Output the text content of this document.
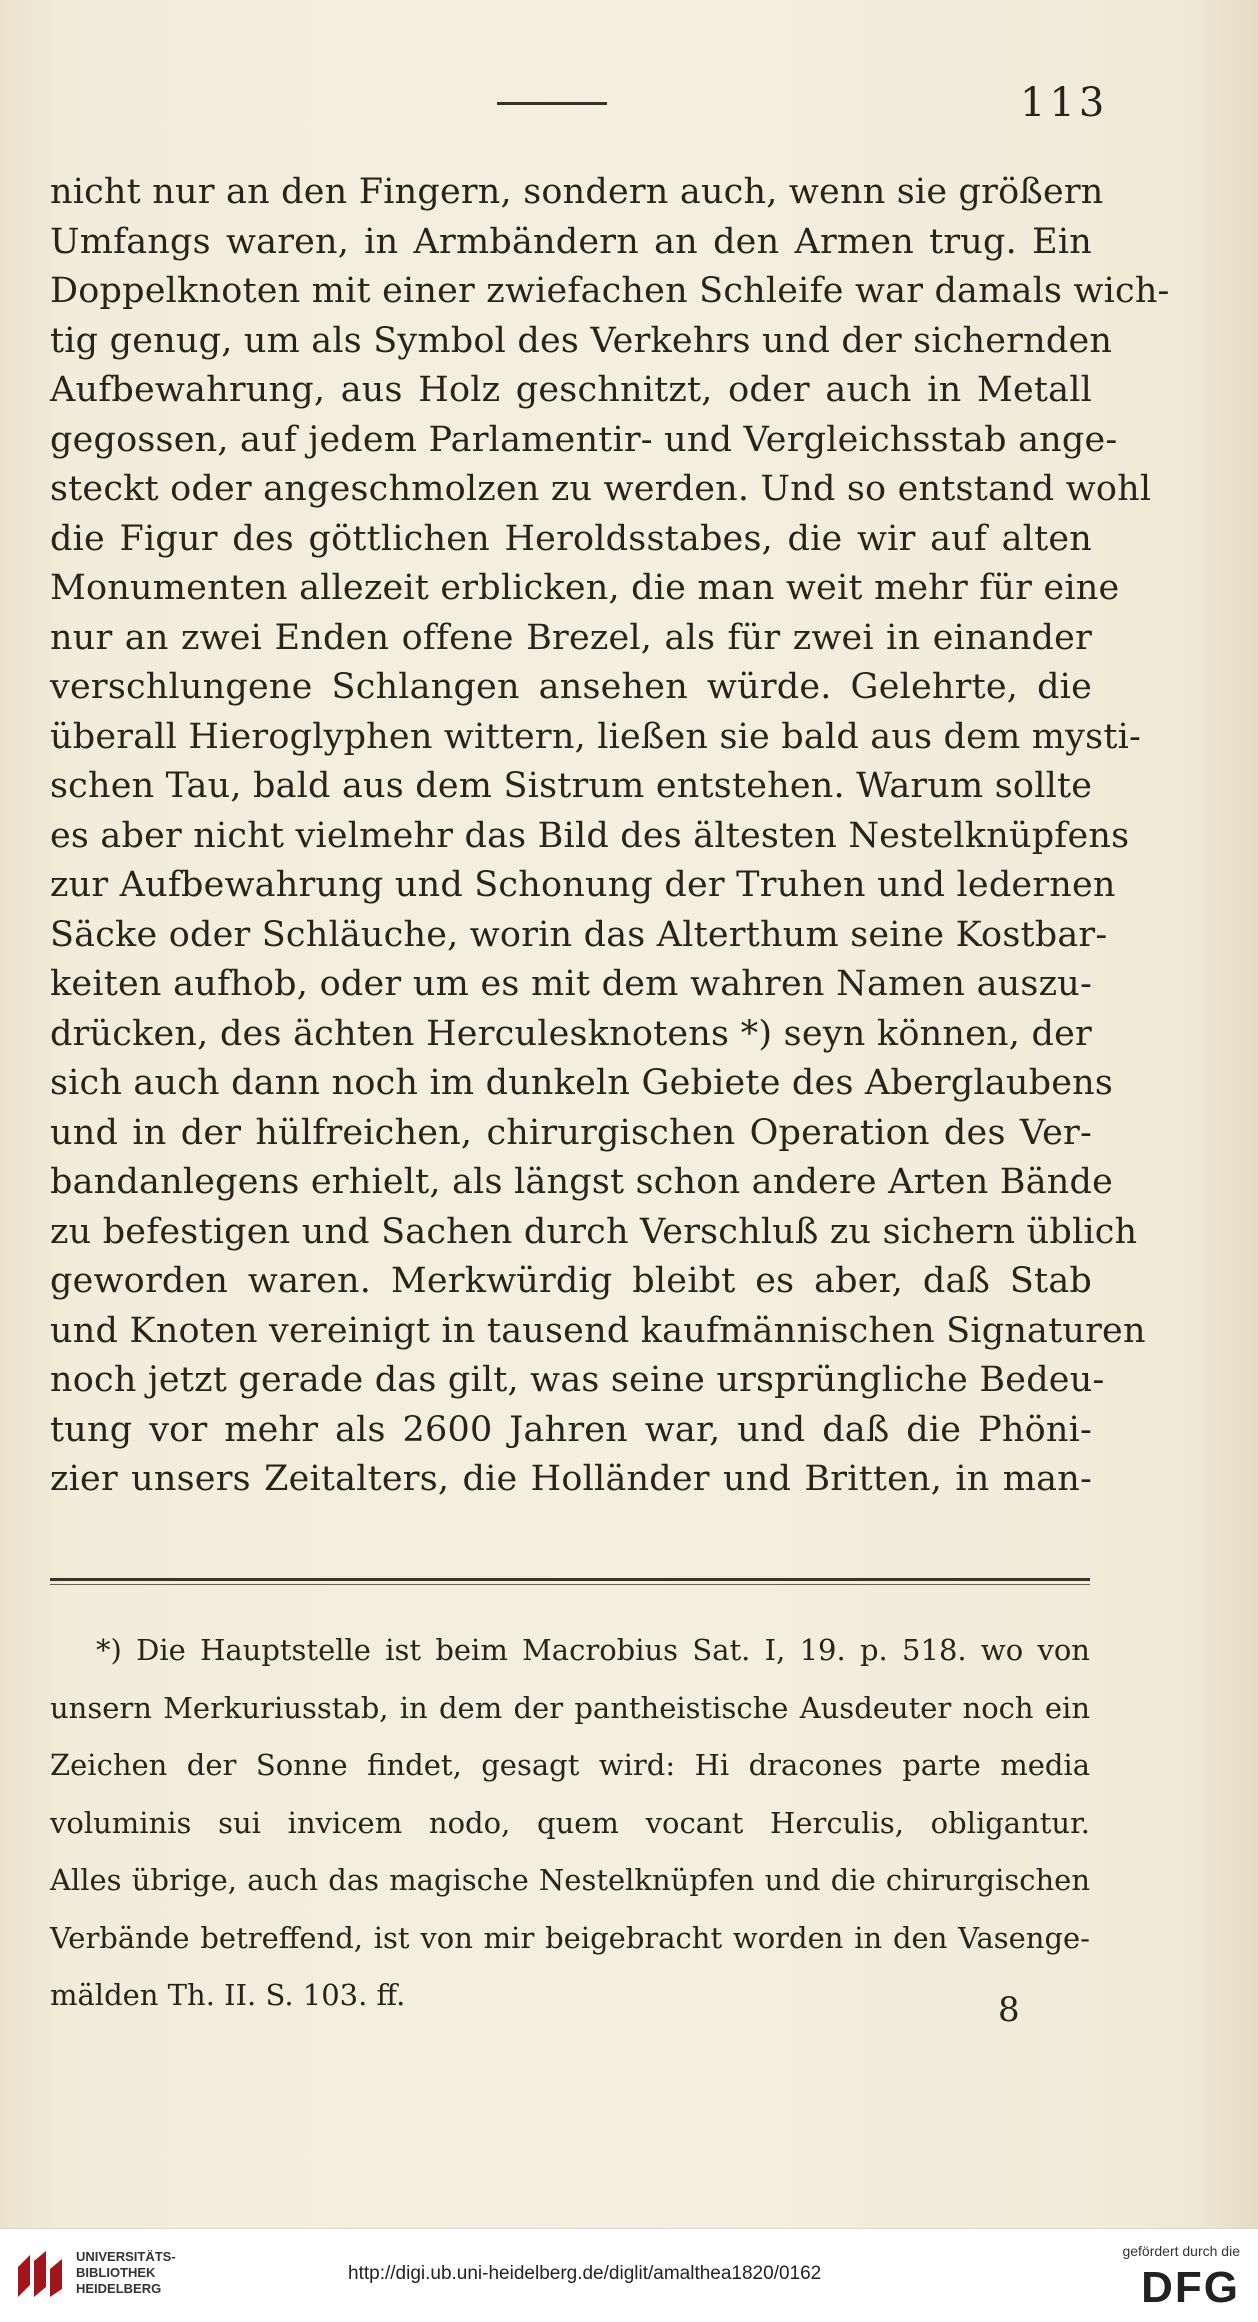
113
nicht nur an den Fingern, sondern auch, wenn sie größern
Umfangs waren, in Armbändern an den Armen trug. Ein
Doppelknoten mit einer zwiefachen Schleife war damals wich-
tig genug, um als Symbol des Verkehrs und der sichernden
Aufbewahrung, aus Holz geschnitzt, oder auch in Metall
gegossen, auf jedem Parlamentir- und Vergleichsstab ange-
steckt oder angeschmolzen zu werden. Und so entstand wohl
die Figur des göttlichen Heroldsstabes, die wir auf alten
Monumenten allezeit erblicken, die man weit mehr für eine
nur an zwei Enden offene Brezel, als für zwei in einander
verschlungene Schlangen ansehen würde. Gelehrte, die
überall Hieroglyphen wittern, ließen sie bald aus dem mysti-
schen Tau, bald aus dem Sistrum entstehen. Warum sollte
es aber nicht vielmehr das Bild des ältesten Nestelknüpfens
zur Aufbewahrung und Schonung der Truhen und ledernen
Säcke oder Schläuche, worin das Alterthum seine Kostbar-
keiten aufhob, oder um es mit dem wahren Namen auszu-
drücken, des ächten Herculesknotens *) seyn können, der
sich auch dann noch im dunkeln Gebiete des Aberglaubens
und in der hülfreichen, chirurgischen Operation des Ver-
bandanlegens erhielt, als längst schon andere Arten Bände
zu befestigen und Sachen durch Verschluß zu sichern üblich
geworden waren. Merkwürdig bleibt es aber, daß Stab
und Knoten vereinigt in tausend kaufmännischen Signaturen
noch jetzt gerade das gilt, was seine ursprüngliche Bedeu-
tung vor mehr als 2600 Jahren war, und daß die Phöni-
zier unsers Zeitalters, die Holländer und Britten, in man-
*) Die Hauptstelle ist beim Macrobius Sat. I, 19. p. 518. wo von
unsern Merkuriusstab, in dem der pantheistische Ausdeuter noch ein
Zeichen der Sonne findet, gesagt wird: Hi dracones parte media
voluminis sui invicem nodo, quem vocant Herculis, obligantur.
Alles übrige, auch das magische Nestelknüpfen und die chirurgischen
Verbände betreffend, ist von mir beigebracht worden in den Vasenge-
mälden Th. II. S. 103. ff.	8
UNIVERSITÄTS-
BIBLIOTHEK
HEIDELBERG
http://digi.ub.uni-heidelberg.de/diglit/amalthea1820/0162
gefördert durch die
DFG
